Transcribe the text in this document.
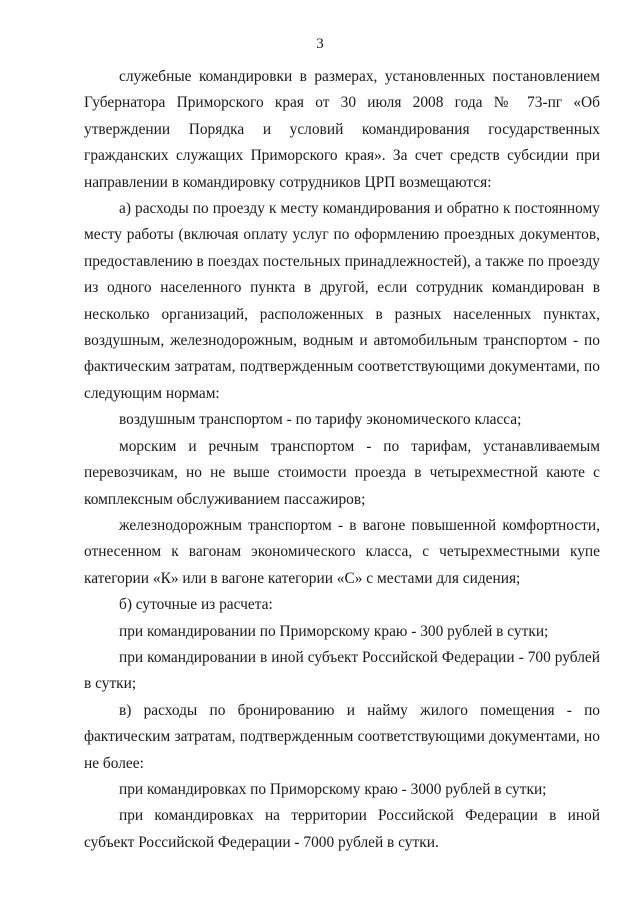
3

служебные командировки в размерах, установленных постановлением Губернатора Приморского края от 30 июля 2008 года № 73-пг «Об утверждении Порядка и условий командирования государственных гражданских служащих Приморского края». За счет средств субсидии при направлении в командировку сотрудников ЦРП возмещаются:

а) расходы по проезду к месту командирования и обратно к постоянному месту работы (включая оплату услуг по оформлению проездных документов, предоставлению в поездах постельных принадлежностей), а также по проезду из одного населенного пункта в другой, если сотрудник командирован в несколько организаций, расположенных в разных населенных пунктах, воздушным, железнодорожным, водным и автомобильным транспортом - по фактическим затратам, подтвержденным соответствующими документами, по следующим нормам:

воздушным транспортом - по тарифу экономического класса;

морским и речным транспортом - по тарифам, устанавливаемым перевозчикам, но не выше стоимости проезда в четырехместной каюте с комплексным обслуживанием пассажиров;

железнодорожным транспортом - в вагоне повышенной комфортности, отнесенном к вагонам экономического класса, с четырехместными купе категории «К» или в вагоне категории «С» с местами для сидения;

б) суточные из расчета:

при командировании по Приморскому краю - 300 рублей в сутки;

при командировании в иной субъект Российской Федерации - 700 рублей в сутки;

в) расходы по бронированию и найму жилого помещения - по фактическим затратам, подтвержденным соответствующими документами, но не более:

при командировках по Приморскому краю - 3000 рублей в сутки;

при командировках на территории Российской Федерации в иной субъект Российской Федерации - 7000 рублей в сутки.
